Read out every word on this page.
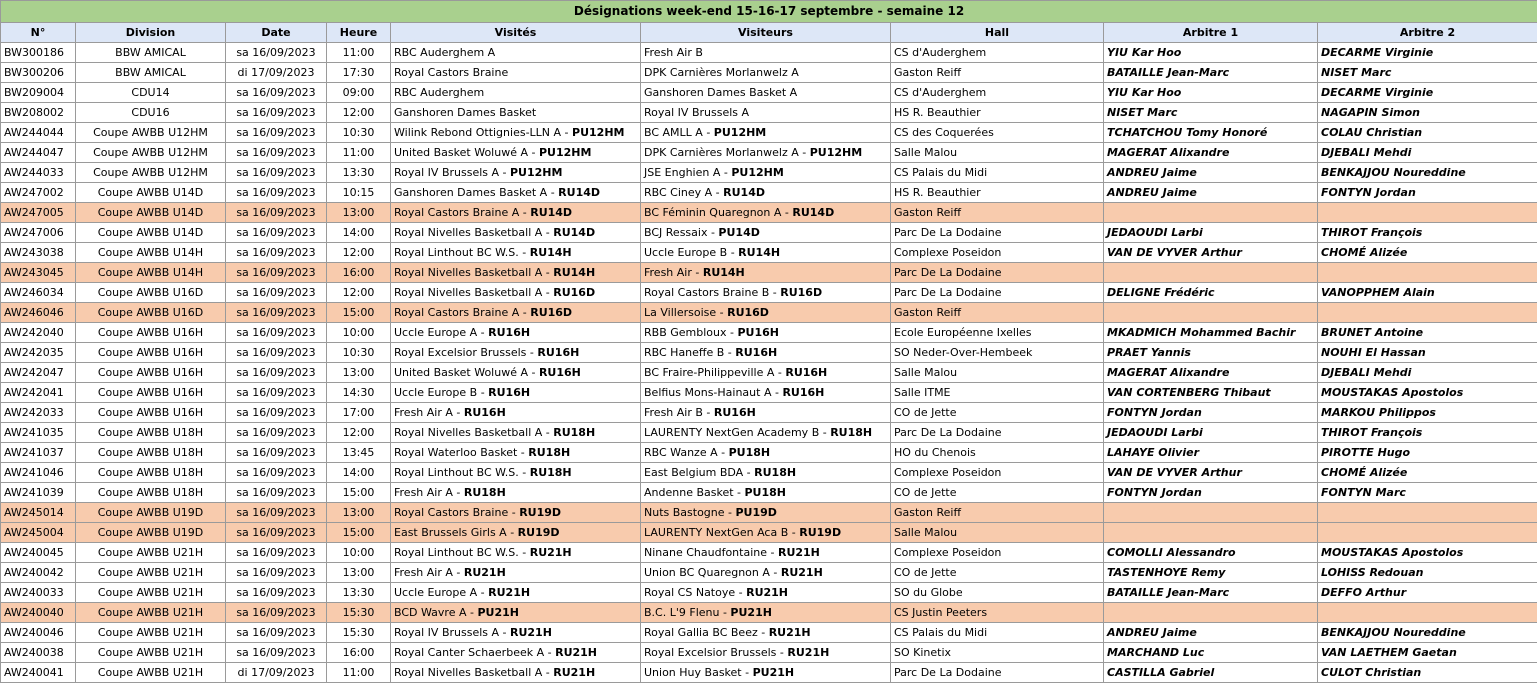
Désignations week-end 15-16-17 septembre - semaine 12								
N°	Division	Date	Heure	Visités	Visiteurs	Hall	Arbitre 1	Arbitre 2
BW300186	BBW AMICAL	sa 16/09/2023	11:00	RBC Auderghem A	Fresh Air B	CS d'Auderghem	YIU Kar Hoo	DECARME Virginie
BW300206	BBW AMICAL	di 17/09/2023	17:30	Royal Castors Braine	DPK Carnières Morlanwelz A	Gaston Reiff	BATAILLE Jean-Marc	NISET Marc
BW209004	CDU14	sa 16/09/2023	09:00	RBC Auderghem	Ganshoren Dames Basket A	CS d'Auderghem	YIU Kar Hoo	DECARME Virginie
BW208002	CDU16	sa 16/09/2023	12:00	Ganshoren Dames Basket	Royal IV Brussels A	HS R. Beauthier	NISET Marc	NAGAPIN Simon
AW244044	Coupe AWBB U12HM	sa 16/09/2023	10:30	Wilink Rebond Ottignies-LLN A - PU12HM	BC AMLL A - PU12HM	CS des Coquerées	TCHATCHOU Tomy Honoré	COLAU Christian
AW244047	Coupe AWBB U12HM	sa 16/09/2023	11:00	United Basket Woluwé A - PU12HM	DPK Carnières Morlanwelz A - PU12HM	Salle Malou	MAGERAT Alixandre	DJEBALI Mehdi
AW244033	Coupe AWBB U12HM	sa 16/09/2023	13:30	Royal IV Brussels A - PU12HM	JSE Enghien A - PU12HM	CS Palais du Midi	ANDREU Jaime	BENKAJJOU Noureddine
AW247002	Coupe AWBB U14D	sa 16/09/2023	10:15	Ganshoren Dames Basket A - RU14D	RBC Ciney A - RU14D	HS R. Beauthier	ANDREU Jaime	FONTYN Jordan
AW247005	Coupe AWBB U14D	sa 16/09/2023	13:00	Royal Castors Braine A - RU14D	BC Féminin Quaregnon A - RU14D	Gaston Reiff		
AW247006	Coupe AWBB U14D	sa 16/09/2023	14:00	Royal Nivelles Basketball A - RU14D	BCJ Ressaix - PU14D	Parc De La Dodaine	JEDAOUDI Larbi	THIROT François
AW243038	Coupe AWBB U14H	sa 16/09/2023	12:00	Royal Linthout BC W.S. - RU14H	Uccle Europe B - RU14H	Complexe Poseidon	VAN DE VYVER Arthur	CHOMÉ Alizée
AW243045	Coupe AWBB U14H	sa 16/09/2023	16:00	Royal Nivelles Basketball A - RU14H	Fresh Air - RU14H	Parc De La Dodaine		
AW246034	Coupe AWBB U16D	sa 16/09/2023	12:00	Royal Nivelles Basketball A - RU16D	Royal Castors Braine B - RU16D	Parc De La Dodaine	DELIGNE Frédéric	VANOPPHEM Alain
AW246046	Coupe AWBB U16D	sa 16/09/2023	15:00	Royal Castors Braine A - RU16D	La Villersoise - RU16D	Gaston Reiff		
AW242040	Coupe AWBB U16H	sa 16/09/2023	10:00	Uccle Europe A - RU16H	RBB Gembloux - PU16H	Ecole Européenne Ixelles	MKADMICH Mohammed Bachir	BRUNET Antoine
AW242035	Coupe AWBB U16H	sa 16/09/2023	10:30	Royal Excelsior Brussels - RU16H	RBC Haneffe B - RU16H	SO Neder-Over-Hembeek	PRAET Yannis	NOUHI El Hassan
AW242047	Coupe AWBB U16H	sa 16/09/2023	13:00	United Basket Woluwé A - RU16H	BC Fraire-Philippeville A - RU16H	Salle Malou	MAGERAT Alixandre	DJEBALI Mehdi
AW242041	Coupe AWBB U16H	sa 16/09/2023	14:30	Uccle Europe B - RU16H	Belfius Mons-Hainaut A - RU16H	Salle ITME	VAN CORTENBERG Thibaut	MOUSTAKAS Apostolos
AW242033	Coupe AWBB U16H	sa 16/09/2023	17:00	Fresh Air A - RU16H	Fresh Air B - RU16H	CO de Jette	FONTYN Jordan	MARKOU Philippos
AW241035	Coupe AWBB U18H	sa 16/09/2023	12:00	Royal Nivelles Basketball A - RU18H	LAURENTY NextGen Academy B - RU18H	Parc De La Dodaine	JEDAOUDI Larbi	THIROT François
AW241037	Coupe AWBB U18H	sa 16/09/2023	13:45	Royal Waterloo Basket - RU18H	RBC Wanze A - PU18H	HO du Chenois	LAHAYE Olivier	PIROTTE Hugo
AW241046	Coupe AWBB U18H	sa 16/09/2023	14:00	Royal Linthout BC W.S. - RU18H	East Belgium BDA - RU18H	Complexe Poseidon	VAN DE VYVER Arthur	CHOMÉ Alizée
AW241039	Coupe AWBB U18H	sa 16/09/2023	15:00	Fresh Air A - RU18H	Andenne Basket - PU18H	CO de Jette	FONTYN Jordan	FONTYN Marc
AW245014	Coupe AWBB U19D	sa 16/09/2023	13:00	Royal Castors Braine - RU19D	Nuts Bastogne - PU19D	Gaston Reiff		
AW245004	Coupe AWBB U19D	sa 16/09/2023	15:00	East Brussels Girls A - RU19D	LAURENTY NextGen Aca B - RU19D	Salle Malou		
AW240045	Coupe AWBB U21H	sa 16/09/2023	10:00	Royal Linthout BC W.S. - RU21H	Ninane Chaudfontaine - RU21H	Complexe Poseidon	COMOLLI Alessandro	MOUSTAKAS Apostolos
AW240042	Coupe AWBB U21H	sa 16/09/2023	13:00	Fresh Air A - RU21H	Union BC Quaregnon A - RU21H	CO de Jette	TASTENHOYE Remy	LOHISS Redouan
AW240033	Coupe AWBB U21H	sa 16/09/2023	13:30	Uccle Europe A - RU21H	Royal CS Natoye - RU21H	SO du Globe	BATAILLE Jean-Marc	DEFFO Arthur
AW240040	Coupe AWBB U21H	sa 16/09/2023	15:30	BCD Wavre A - PU21H	B.C. L'9 Flenu - PU21H	CS Justin Peeters		
AW240046	Coupe AWBB U21H	sa 16/09/2023	15:30	Royal IV Brussels A - RU21H	Royal Gallia BC Beez - RU21H	CS Palais du Midi	ANDREU Jaime	BENKAJJOU Noureddine
AW240038	Coupe AWBB U21H	sa 16/09/2023	16:00	Royal Canter Schaerbeek A - RU21H	Royal Excelsior Brussels - RU21H	SO Kinetix	MARCHAND Luc	VAN LAETHEM Gaetan
AW240041	Coupe AWBB U21H	di 17/09/2023	11:00	Royal Nivelles Basketball A - RU21H	Union Huy Basket - PU21H	Parc De La Dodaine	CASTILLA Gabriel	CULOT Christian
